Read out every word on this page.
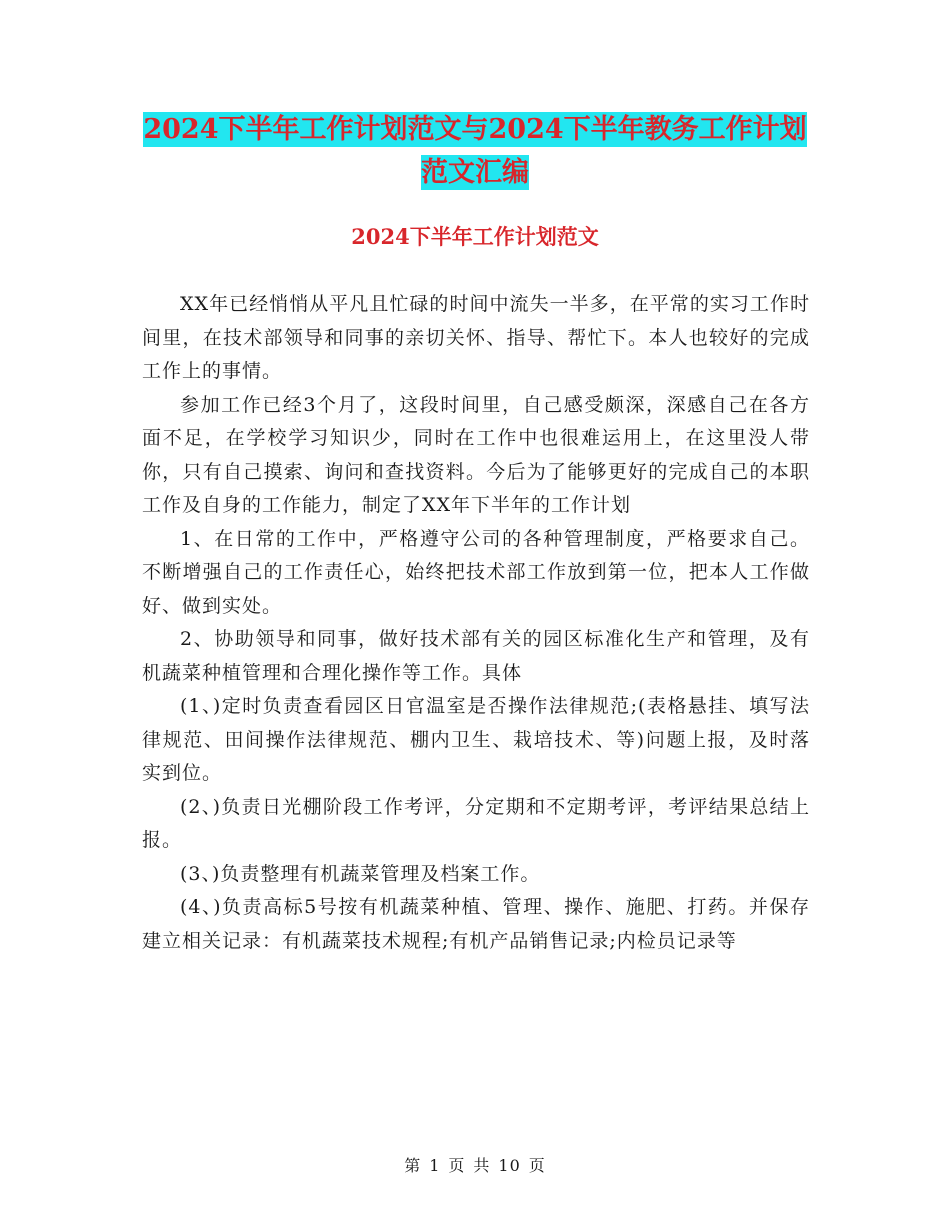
2024下半年工作计划范文与2024下半年教务工作计划范文汇编
2024下半年工作计划范文

XX年已经悄悄从平凡且忙碌的时间中流失一半多，在平常的实习工作时间里，在技术部领导和同事的亲切关怀、指导、帮忙下。本人也较好的完成工作上的事情。

参加工作已经3个月了，这段时间里，自己感受颇深，深感自己在各方面不足，在学校学习知识少，同时在工作中也很难运用上，在这里没人带你，只有自己摸索、询问和查找资料。今后为了能够更好的完成自己的本职工作及自身的工作能力，制定了XX年下半年的工作计划

1、在日常的工作中，严格遵守公司的各种管理制度，严格要求自己。不断增强自己的工作责任心，始终把技术部工作放到第一位，把本人工作做好、做到实处。

2、协助领导和同事，做好技术部有关的园区标准化生产和管理，及有机蔬菜种植管理和合理化操作等工作。具体

(1、)定时负责查看园区日官温室是否操作法律规范;(表格悬挂、填写法律规范、田间操作法律规范、棚内卫生、栽培技术、等)问题上报，及时落实到位。

(2、)负责日光棚阶段工作考评，分定期和不定期考评，考评结果总结上报。

(3、)负责整理有机蔬菜管理及档案工作。

(4、)负责高标5号按有机蔬菜种植、管理、操作、施肥、打药。并保存建立相关记录：有机蔬菜技术规程;有机产品销售记录;内检员记录等

第 1 页 共 10 页
